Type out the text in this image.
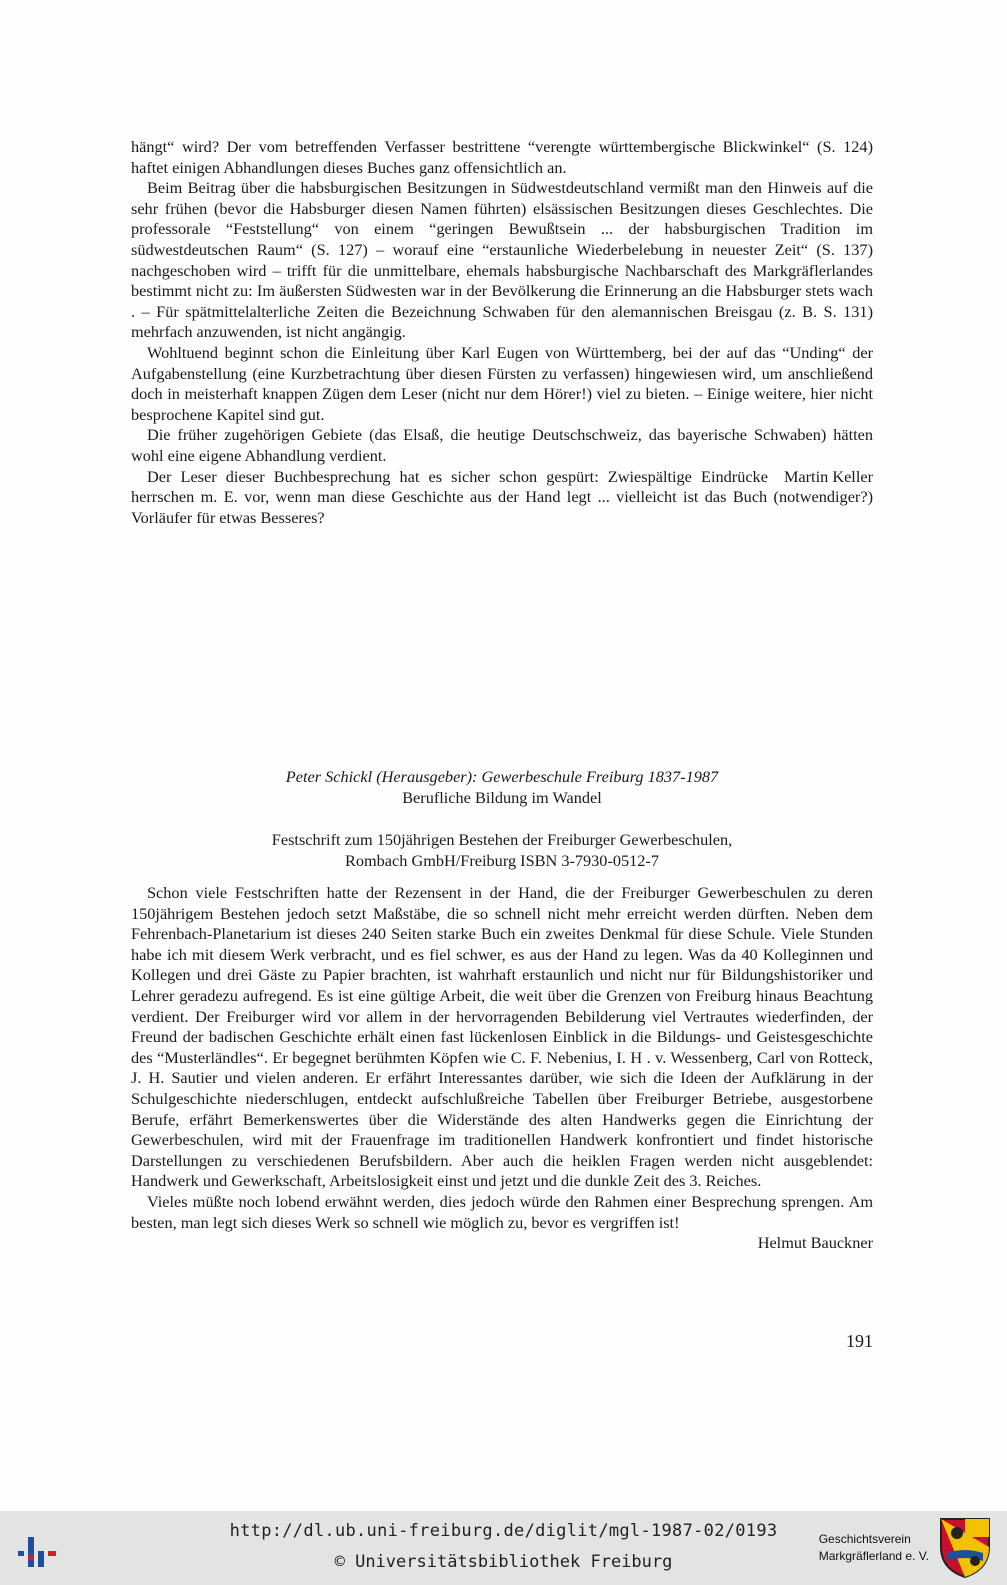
hängt“ wird? Der vom betreffenden Verfasser bestrittene “verengte württembergische Blickwinkel“ (S. 124) haftet einigen Abhandlungen dieses Buches ganz offensichtlich an.

Beim Beitrag über die habsburgischen Besitzungen in Südwestdeutschland vermißt man den Hinweis auf die sehr frühen (bevor die Habsburger diesen Namen führten) elsässischen Besitzungen dieses Geschlechtes. Die professorale “Feststellung“ von einem “geringen Bewußtsein ... der habsburgischen Tradition im südwestdeutschen Raum“ (S. 127) – worauf eine “erstaunliche Wiederbelebung in neuester Zeit“ (S. 137) nachgeschoben wird – trifft für die unmittelbare, ehemals habsburgische Nachbarschaft des Markgräflerlandes bestimmt nicht zu: Im äußersten Südwesten war in der Bevölkerung die Erinnerung an die Habsburger stets wach . – Für spätmittelalterliche Zeiten die Bezeichnung Schwaben für den alemannischen Breisgau (z. B. S. 131) mehrfach anzuwenden, ist nicht angängig.

Wohltuend beginnt schon die Einleitung über Karl Eugen von Württemberg, bei der auf das “Unding“ der Aufgabenstellung (eine Kurzbetrachtung über diesen Fürsten zu verfassen) hingewiesen wird, um anschließend doch in meisterhaft knappen Zügen dem Leser (nicht nur dem Hörer!) viel zu bieten. – Einige weitere, hier nicht besprochene Kapitel sind gut.

Die früher zugehörigen Gebiete (das Elsaß, die heutige Deutschschweiz, das bayerische Schwaben) hätten wohl eine eigene Abhandlung verdient.

Martin Keller
Der Leser dieser Buchbesprechung hat es sicher schon gespürt: Zwiespältige Eindrücke herrschen m. E. vor, wenn man diese Geschichte aus der Hand legt ... vielleicht ist das Buch (notwendiger?) Vorläufer für etwas Besseres?

Peter Schickl (Herausgeber): Gewerbeschule Freiburg 1837-1987
Berufliche Bildung im Wandel
Festschrift zum 150jährigen Bestehen der Freiburger Gewerbeschulen,
Rombach GmbH/Freiburg ISBN 3-7930-0512-7

Schon viele Festschriften hatte der Rezensent in der Hand, die der Freiburger Gewerbeschulen zu deren 150jährigem Bestehen jedoch setzt Maßstäbe, die so schnell nicht mehr erreicht werden dürften. Neben dem Fehrenbach-Planetarium ist dieses 240 Seiten starke Buch ein zweites Denkmal für diese Schule. Viele Stunden habe ich mit diesem Werk verbracht, und es fiel schwer, es aus der Hand zu legen. Was da 40 Kolleginnen und Kollegen und drei Gäste zu Papier brachten, ist wahrhaft erstaunlich und nicht nur für Bildungshistoriker und Lehrer geradezu aufregend. Es ist eine gültige Arbeit, die weit über die Grenzen von Freiburg hinaus Beachtung verdient. Der Freiburger wird vor allem in der hervorragenden Bebilderung viel Vertrautes wiederfinden, der Freund der badischen Geschichte erhält einen fast lückenlosen Einblick in die Bildungs- und Geistesgeschichte des “Musterländles“. Er begegnet berühmten Köpfen wie C. F. Nebenius, I. H . v. Wessenberg, Carl von Rotteck, J. H. Sautier und vielen anderen. Er erfährt Interessantes darüber, wie sich die Ideen der Aufklärung in der Schulgeschichte niederschlugen, entdeckt aufschlußreiche Tabellen über Freiburger Betriebe, ausgestorbene Berufe, erfährt Bemerkenswertes über die Widerstände des alten Handwerks gegen die Einrichtung der Gewerbeschulen, wird mit der Frauenfrage im traditionellen Handwerk konfrontiert und findet historische Darstellungen zu verschiedenen Berufsbildern. Aber auch die heiklen Fragen werden nicht ausgeblendet: Handwerk und Gewerkschaft, Arbeitslosigkeit einst und jetzt und die dunkle Zeit des 3. Reiches.

Vieles müßte noch lobend erwähnt werden, dies jedoch würde den Rahmen einer Besprechung sprengen. Am besten, man legt sich dieses Werk so schnell wie möglich zu, bevor es vergriffen ist!

Helmut Bauckner
191
http://dl.ub.uni-freiburg.de/diglit/mgl-1987-02/0193
© Universitätsbibliothek Freiburg
Geschichtsverein
Markgräflerland e. V.
